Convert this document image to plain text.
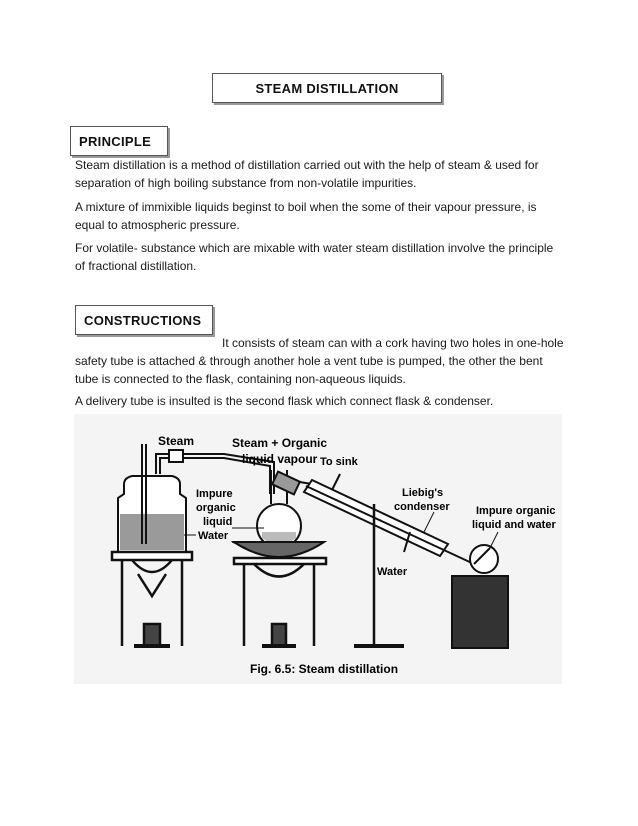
STEAM DISTILLATION
PRINCIPLE

Steam distillation is a method of distillation carried out with the help of steam & used for separation of high boiling substance from non-volatile impurities.

A mixture of immixible liquids beginst to boil when the some of their vapour pressure, is equal to atmospheric pressure.

For volatile- substance which are mixable with water steam distillation involve the principle of fractional distillation.

CONSTRUCTIONS

It consists of steam can with a cork having two holes in one-hole safety tube is attached & through another hole a vent tube is pumped, the other the bent tube is connected to the flask, containing non-aqueous liquids.

A delivery tube is insulted is the second flask which connect flask & condenser.

Steam	Steam + Organic
liquid vapour To sink
Impure
organic
liquid
Water
Liebig's
condenser Impure organic
liquid and water
Water
Fig. 6.5: Steam distillation
